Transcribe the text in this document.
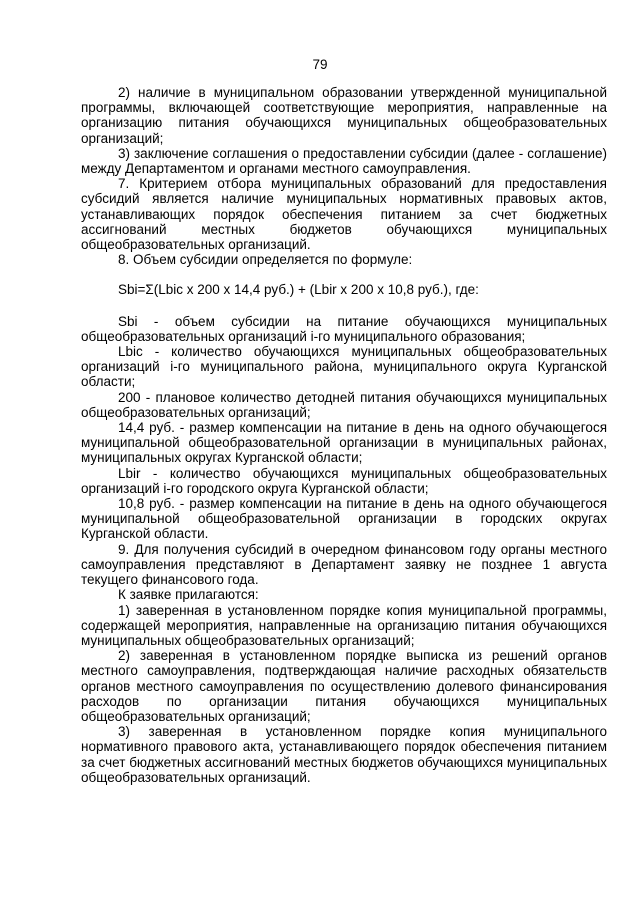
79

2) наличие в муниципальном образовании утвержденной муниципальной программы, включающей соответствующие мероприятия, направленные на организацию питания обучающихся муниципальных общеобразовательных организаций;

3) заключение соглашения о предоставлении субсидии (далее - соглашение) между Департаментом и органами местного самоуправления.

7. Критерием отбора муниципальных образований для предоставления субсидий является наличие муниципальных нормативных правовых актов, устанавливающих порядок обеспечения питанием за счет бюджетных ассигнований местных бюджетов обучающихся муниципальных общеобразовательных организаций.

8. Объем субсидии определяется по формуле:

Sbi=Σ(Lbic x 200 x 14,4 руб.) + (Lbir x 200 x 10,8 руб.), где:

Sbi - объем субсидии на питание обучающихся муниципальных общеобразовательных организаций i-го муниципального образования;

Lbic - количество обучающихся муниципальных общеобразовательных организаций i-го муниципального района, муниципального округа Курганской области;

200 - плановое количество детодней питания обучающихся муниципальных общеобразовательных организаций;

14,4 руб. - размер компенсации на питание в день на одного обучающегося муниципальной общеобразовательной организации в муниципальных районах, муниципальных округах Курганской области;

Lbir - количество обучающихся муниципальных общеобразовательных организаций i-го городского округа Курганской области;

10,8 руб. - размер компенсации на питание в день на одного обучающегося муниципальной общеобразовательной организации в городских округах Курганской области.

9. Для получения субсидий в очередном финансовом году органы местного самоуправления представляют в Департамент заявку не позднее 1 августа текущего финансового года.

К заявке прилагаются:

1) заверенная в установленном порядке копия муниципальной программы, содержащей мероприятия, направленные на организацию питания обучающихся муниципальных общеобразовательных организаций;

2) заверенная в установленном порядке выписка из решений органов местного самоуправления, подтверждающая наличие расходных обязательств органов местного самоуправления по осуществлению долевого финансирования расходов по организации питания обучающихся муниципальных общеобразовательных организаций;

3) заверенная в установленном порядке копия муниципального нормативного правового акта, устанавливающего порядок обеспечения питанием за счет бюджетных ассигнований местных бюджетов обучающихся муниципальных общеобразовательных организаций.
